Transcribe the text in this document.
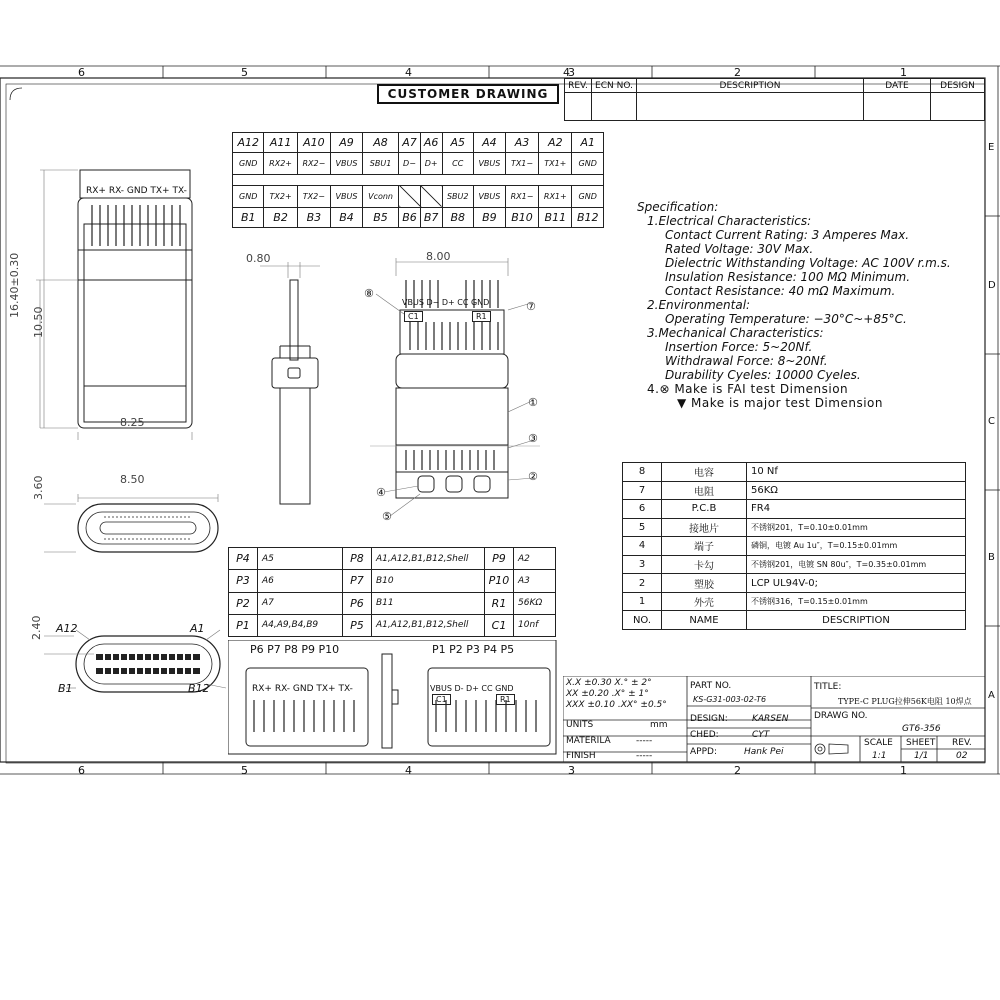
6	5	4	4	2	1
6	5	4	2	1
3
3
E
D
C
B
A
CUSTOMER DRAWING
REV.	ECN NO.	DESCRIPTION	DATE	DESIGN

A12	A11	A10	A9	A8	A7	A6	A5	A4	A3	A2	A1
GND	RX2+	RX2−	VBUS	SBU1	D−	D+	CC	VBUS	TX1−	TX1+	GND

GND	TX2+	TX2−	VBUS	Vconn			SBU2	VBUS	RX1−	RX1+	GND
B1	B2	B3	B4	B5	B6	B7	B8	B9	B10	B11	B12
Specification:
1.Electrical Characteristics:
Contact Current Rating: 3 Amperes Max.
Rated Voltage: 30V Max.
Dielectric Withstanding Voltage: AC 100V r.m.s.
Insulation Resistance: 100 MΩ Minimum.
Contact Resistance: 40 mΩ Maximum.
2.Environmental:
Operating Temperature: −30°C~+85°C.
3.Mechanical Characteristics:
Insertion Force: 5~20Nf.
Withdrawal Force: 8~20Nf.
Durability Cyeles: 10000 Cyeles.
4.⊗ Make is FAI test Dimension
▼ Make is major test Dimension
8	电容	10 Nf
7	电阻	56KΩ
6	P.C.B	FR4
5	接地片	不锈钢201，T=0.10±0.01mm
4	端子	磷铜，电镀 Au 1u″，T=0.15±0.01mm
3	卡勾	不锈钢201，电镀 SN 80u″，T=0.35±0.01mm
2	塑胶	LCP UL94V-0;
1	外壳	不锈钢316，T=0.15±0.01mm
NO.	NAME	DESCRIPTION
P4	A5	P8	A1,A12,B1,B12,Shell	P9	A2
P3	A6	P7	B10	P10	A3
P2	A7	P6	B11	R1	56KΩ
P1	A4,A9,B4,B9	P5	A1,A12,B1,B12,Shell	C1	10nf
X.X ±0.30 X.° ± 2°
XX ±0.20 .X° ± 1°
XXX ±0.10 .XX° ±0.5°
UNITS	mm
MATERILA	-----
FINISH	-----
PART NO.
KS-G31-003-02-T6
DESIGN:	KARSEN
CHED:	CYT
APPD:	Hank Pei
TITLE:
TYPE-C PLUG拉伸56K电阻 10焊点
DRAWG NO.
GT6-356
SCALE
1:1
SHEET
1/1
REV.
02
RX+ RX- GND TX+ TX-
16.40±0.30
10.50
8.25
8.50
3.60
A12	A1
B1	B12
2.40
0.80	8.00
VBUS D− D+ CC GND
C1	R1
⑧
⑦
①
③
②
④
⑤
P6 P7 P8 P9 P10	P1 P2 P3 P4 P5
RX+ RX- GND TX+ TX-	VBUS D- D+ CC GND
C1	R1
